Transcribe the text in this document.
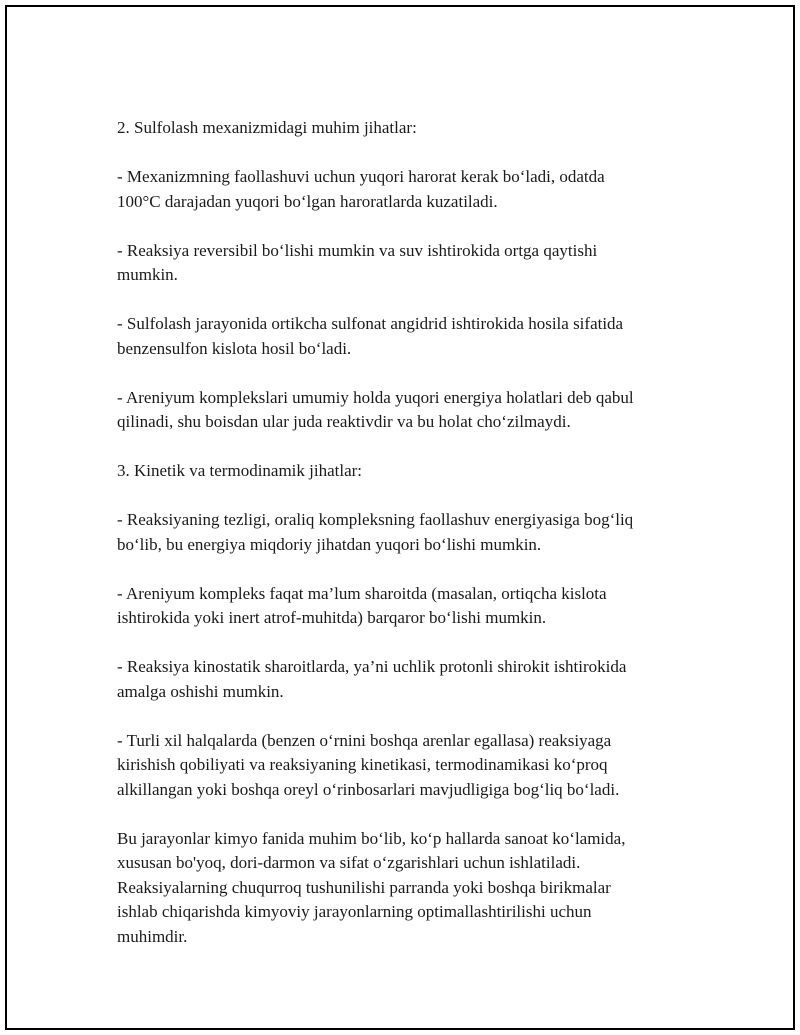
2. Sulfolash mexanizmidagi muhim jihatlar:

- Mexanizmning faollashuvi uchun yuqori harorat kerak bo‘ladi, odatda
100°C darajadan yuqori bo‘lgan haroratlarda kuzatiladi.

- Reaksiya reversibil bo‘lishi mumkin va suv ishtirokida ortga qaytishi
mumkin.

- Sulfolash jarayonida ortikcha sulfonat angidrid ishtirokida hosila sifatida
benzensulfon kislota hosil bo‘ladi.

- Areniyum komplekslari umumiy holda yuqori energiya holatlari deb qabul
qilinadi, shu boisdan ular juda reaktivdir va bu holat cho‘zilmaydi.

3. Kinetik va termodinamik jihatlar:

- Reaksiyaning tezligi, oraliq kompleksning faollashuv energiyasiga bog‘liq
bo‘lib, bu energiya miqdoriy jihatdan yuqori bo‘lishi mumkin.

- Areniyum kompleks faqat ma’lum sharoitda (masalan, ortiqcha kislota
ishtirokida yoki inert atrof-muhitda) barqaror bo‘lishi mumkin.

- Reaksiya kinostatik sharoitlarda, ya’ni uchlik protonli shirokit ishtirokida
amalga oshishi mumkin.

- Turli xil halqalarda (benzen o‘rnini boshqa arenlar egallasa) reaksiyaga
kirishish qobiliyati va reaksiyaning kinetikasi, termodinamikasi ko‘proq
alkillangan yoki boshqa oreyl o‘rinbosarlari mavjudligiga bog‘liq bo‘ladi.

Bu jarayonlar kimyo fanida muhim bo‘lib, ko‘p hallarda sanoat ko‘lamida,
xususan bo'yoq, dori-darmon va sifat o‘zgarishlari uchun ishlatiladi.
Reaksiyalarning chuqurroq tushunilishi parranda yoki boshqa birikmalar
ishlab chiqarishda kimyoviy jarayonlarning optimallashtirilishi uchun
muhimdir.
